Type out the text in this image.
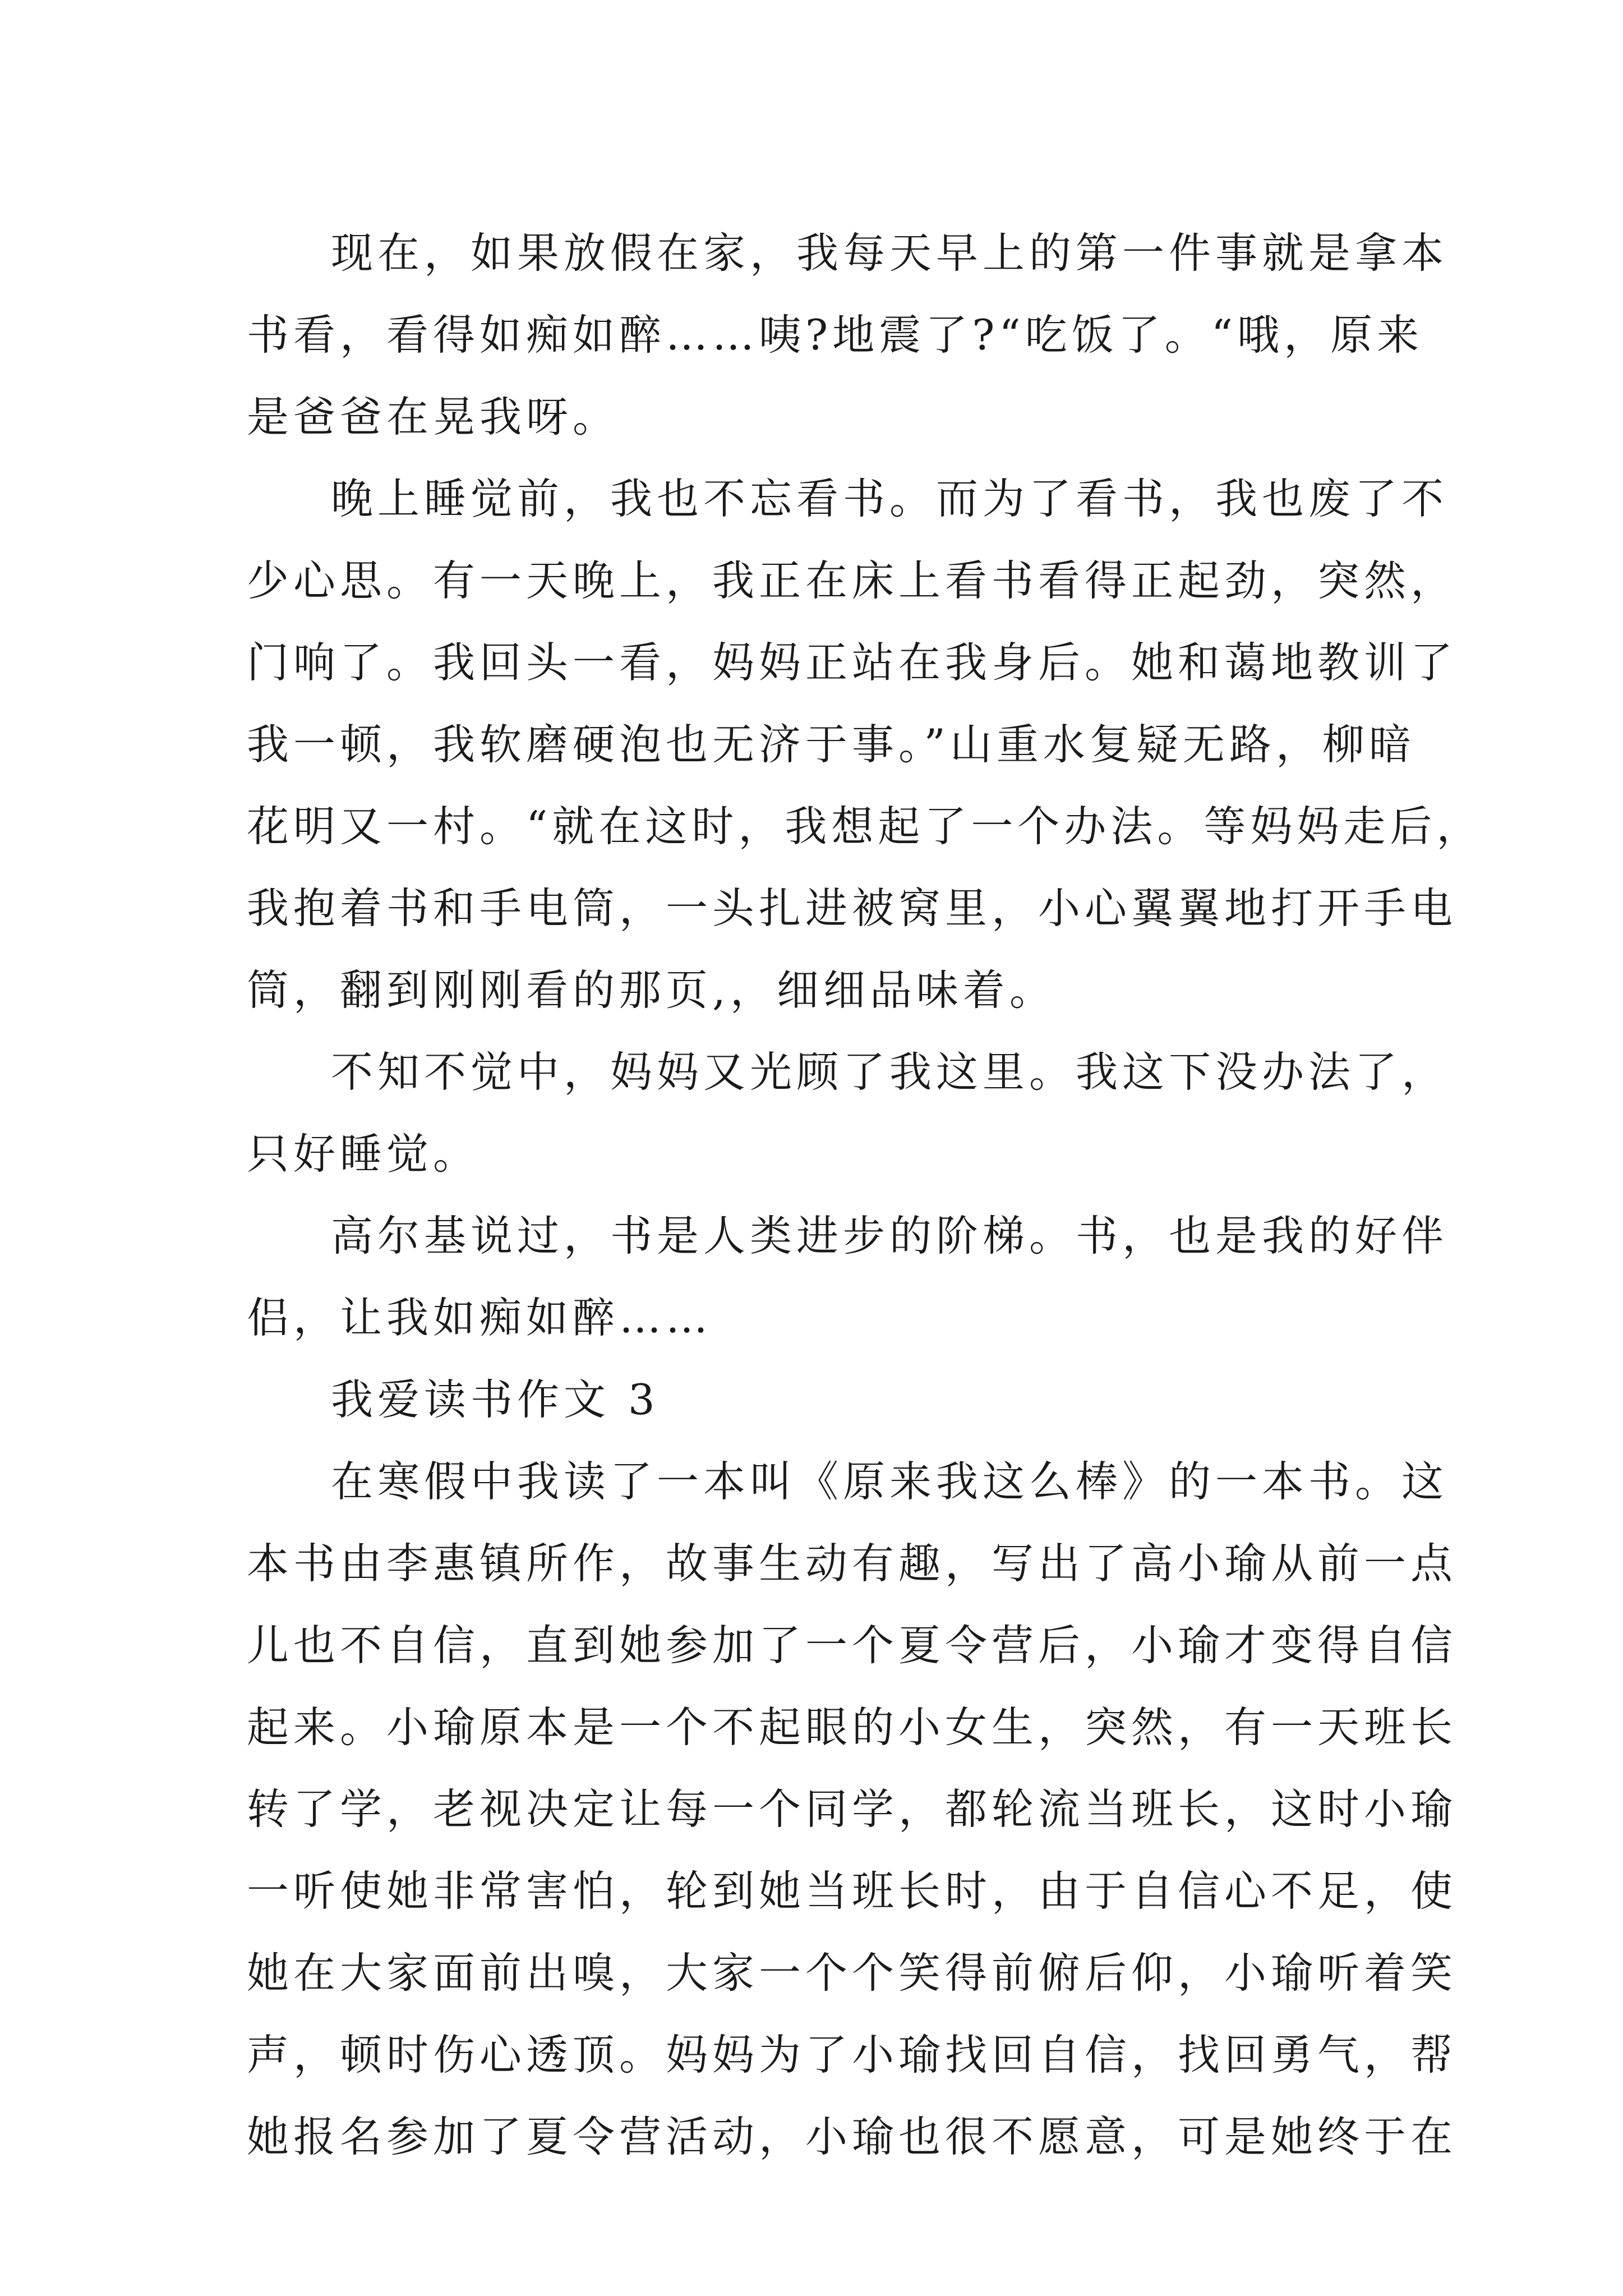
现在，如果放假在家，我每天早上的第一件事就是拿本
书看，看得如痴如醉……咦?地震了?“吃饭了。“哦，原来
是爸爸在晃我呀。
晚上睡觉前，我也不忘看书。而为了看书，我也废了不
少心思。有一天晚上，我正在床上看书看得正起劲，突然，
门响了。我回头一看，妈妈正站在我身后。她和蔼地教训了
我一顿，我软磨硬泡也无济于事。”山重水复疑无路，柳暗
花明又一村。“就在这时，我想起了一个办法。等妈妈走后，
我抱着书和手电筒，一头扎进被窝里，小心翼翼地打开手电
筒，翻到刚刚看的那页,，细细品味着。
不知不觉中，妈妈又光顾了我这里。我这下没办法了，
只好睡觉。
高尔基说过，书是人类进步的阶梯。书，也是我的好伴
侣，让我如痴如醉……
我爱读书作文 3
在寒假中我读了一本叫《原来我这么棒》的一本书。这
本书由李惠镇所作，故事生动有趣，写出了高小瑜从前一点
儿也不自信，直到她参加了一个夏令营后，小瑜才变得自信
起来。小瑜原本是一个不起眼的小女生，突然，有一天班长
转了学，老视决定让每一个同学，都轮流当班长，这时小瑜
一听使她非常害怕，轮到她当班长时，由于自信心不足，使
她在大家面前出嗅，大家一个个笑得前俯后仰，小瑜听着笑
声，顿时伤心透顶。妈妈为了小瑜找回自信，找回勇气，帮
她报名参加了夏令营活动，小瑜也很不愿意，可是她终于在
